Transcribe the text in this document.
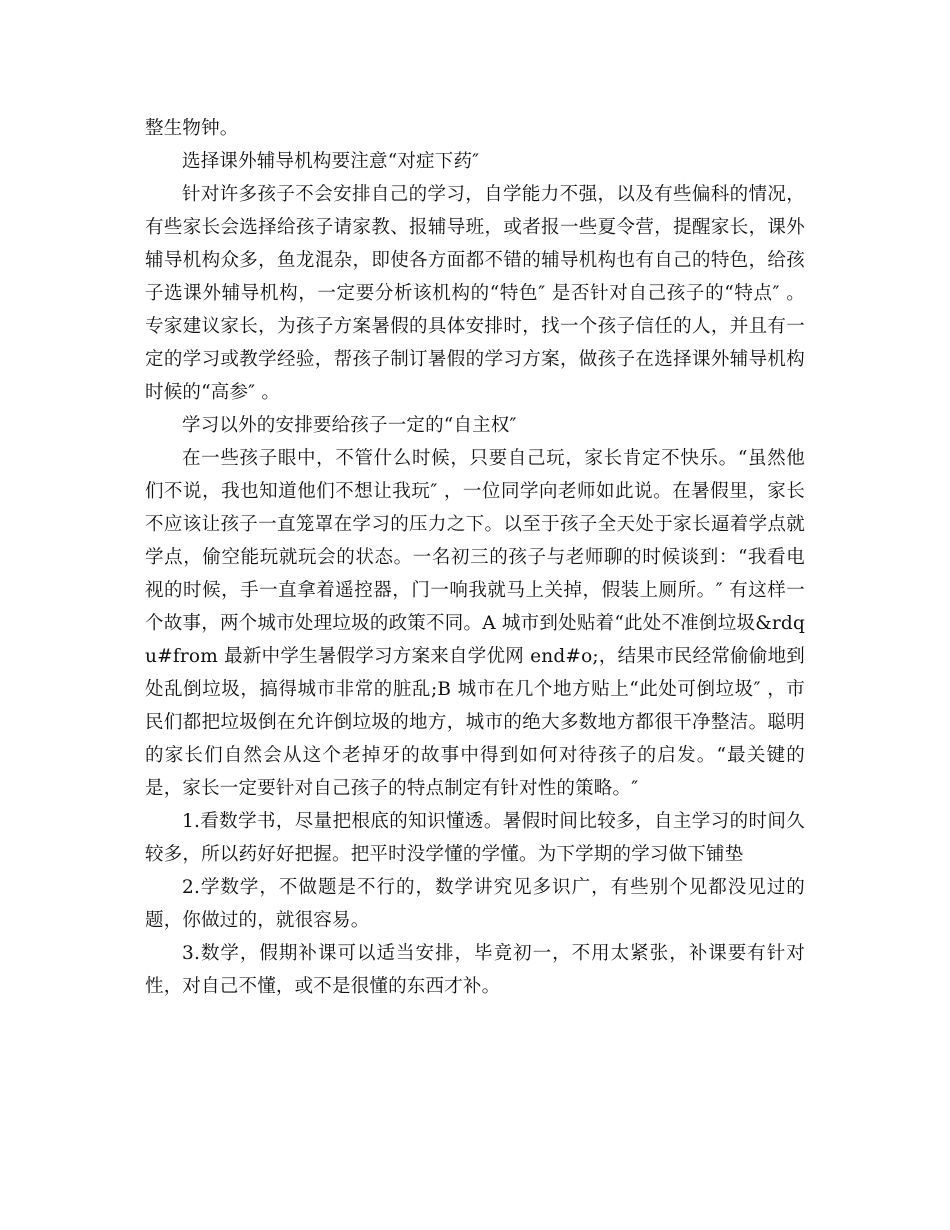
整生物钟。

选择课外辅导机构要注意“对症下药″

针对许多孩子不会安排自己的学习，自学能力不强，以及有些偏科的情况，有些家长会选择给孩子请家教、报辅导班，或者报一些夏令营，提醒家长，课外辅导机构众多，鱼龙混杂，即使各方面都不错的辅导机构也有自己的特色，给孩子选课外辅导机构，一定要分析该机构的“特色″ 是否针对自己孩子的“特点″ 。专家建议家长，为孩子方案暑假的具体安排时，找一个孩子信任的人，并且有一定的学习或教学经验，帮孩子制订暑假的学习方案，做孩子在选择课外辅导机构时候的“高参″ 。

学习以外的安排要给孩子一定的“自主权″

在一些孩子眼中，不管什么时候，只要自己玩，家长肯定不快乐。“虽然他们不说，我也知道他们不想让我玩″ ，一位同学向老师如此说。在暑假里，家长不应该让孩子一直笼罩在学习的压力之下。以至于孩子全天处于家长逼着学点就学点，偷空能玩就玩会的状态。一名初三的孩子与老师聊的时候谈到：“我看电视的时候，手一直拿着遥控器，门一响我就马上关掉，假装上厕所。″ 有这样一个故事，两个城市处理垃圾的政策不同。A 城市到处贴着“此处不准倒垃圾&rdqu#from 最新中学生暑假学习方案来自学优网 end#o;，结果市民经常偷偷地到处乱倒垃圾，搞得城市非常的脏乱;B 城市在几个地方贴上“此处可倒垃圾″ ，市民们都把垃圾倒在允许倒垃圾的地方，城市的绝大多数地方都很干净整洁。聪明的家长们自然会从这个老掉牙的故事中得到如何对待孩子的启发。“最关键的是，家长一定要针对自己孩子的特点制定有针对性的策略。″

1.看数学书，尽量把根底的知识懂透。暑假时间比较多，自主学习的时间久较多，所以药好好把握。把平时没学懂的学懂。为下学期的学习做下铺垫

2.学数学，不做题是不行的，数学讲究见多识广，有些别个见都没见过的题，你做过的，就很容易。

3.数学，假期补课可以适当安排，毕竟初一，不用太紧张，补课要有针对性，对自己不懂，或不是很懂的东西才补。
